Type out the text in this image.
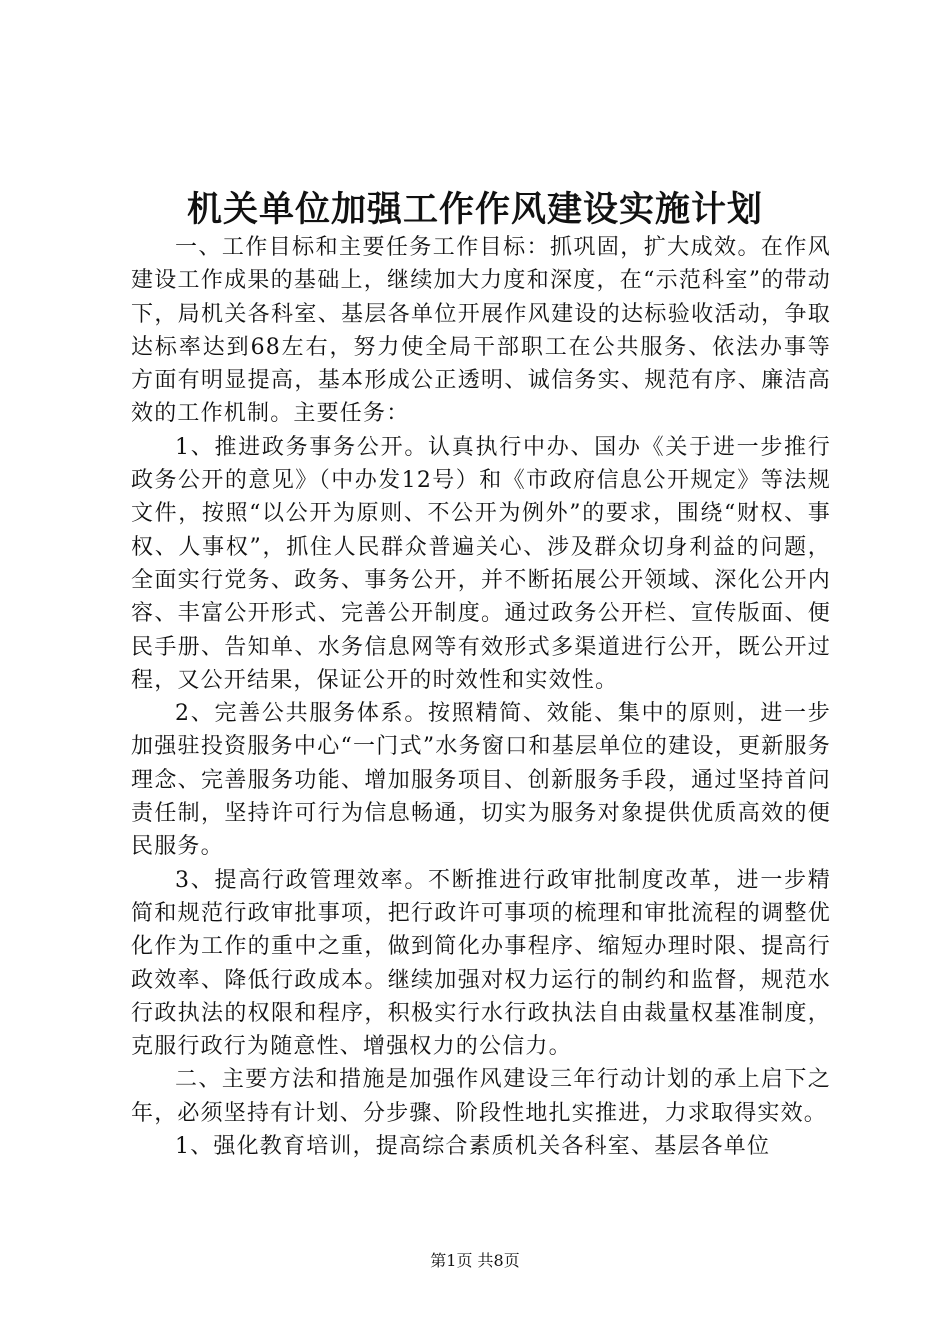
机关单位加强工作作风建设实施计划

一、工作目标和主要任务工作目标：抓巩固，扩大成效。在作风建设工作成果的基础上，继续加大力度和深度，在“示范科室”的带动下，局机关各科室、基层各单位开展作风建设的达标验收活动，争取达标率达到68左右，努力使全局干部职工在公共服务、依法办事等方面有明显提高，基本形成公正透明、诚信务实、规范有序、廉洁高效的工作机制。主要任务：

1、推进政务事务公开。认真执行中办、国办《关于进一步推行政务公开的意见》（中办发12号）和《市政府信息公开规定》等法规文件，按照“以公开为原则、不公开为例外”的要求，围绕“财权、事权、人事权”，抓住人民群众普遍关心、涉及群众切身利益的问题，全面实行党务、政务、事务公开，并不断拓展公开领域、深化公开内容、丰富公开形式、完善公开制度。通过政务公开栏、宣传版面、便民手册、告知单、水务信息网等有效形式多渠道进行公开，既公开过程，又公开结果，保证公开的时效性和实效性。

2、完善公共服务体系。按照精简、效能、集中的原则，进一步加强驻投资服务中心“一门式”水务窗口和基层单位的建设，更新服务理念、完善服务功能、增加服务项目、创新服务手段，通过坚持首问责任制，坚持许可行为信息畅通，切实为服务对象提供优质高效的便民服务。

3、提高行政管理效率。不断推进行政审批制度改革，进一步精简和规范行政审批事项，把行政许可事项的梳理和审批流程的调整优化作为工作的重中之重，做到简化办事程序、缩短办理时限、提高行政效率、降低行政成本。继续加强对权力运行的制约和监督，规范水行政执法的权限和程序，积极实行水行政执法自由裁量权基准制度，克服行政行为随意性、增强权力的公信力。

二、主要方法和措施是加强作风建设三年行动计划的承上启下之年，必须坚持有计划、分步骤、阶段性地扎实推进，力求取得实效。

1、强化教育培训，提高综合素质机关各科室、基层各单位

第1页 共8页
